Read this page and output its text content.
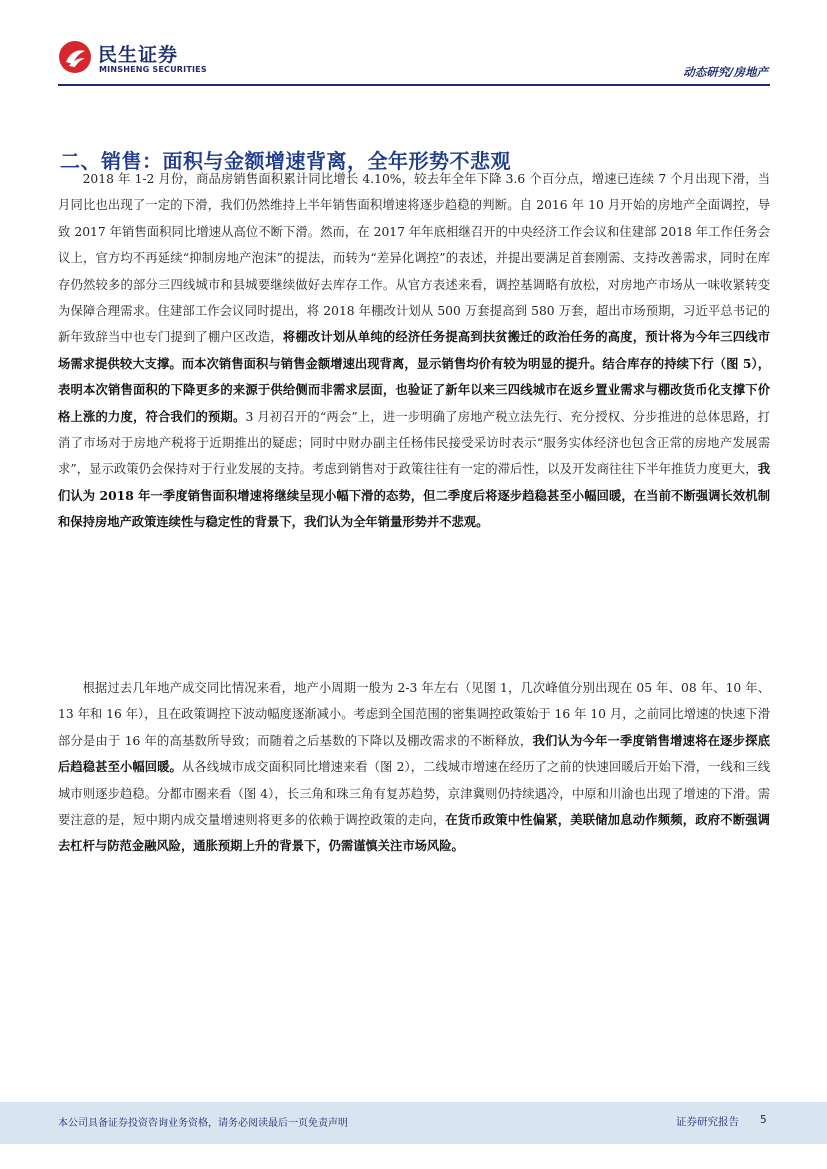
民生证券
MINSHENG SECURITIES	动态研究/房地产
二、销售：面积与金额增速背离，全年形势不悲观

2018 年 1-2 月份，商品房销售面积累计同比增长 4.10%，较去年全年下降 3.6 个百分点，增速已连续 7 个月出现下滑，当月同比也出现了一定的下滑，我们仍然维持上半年销售面积增速将逐步趋稳的判断。自 2016 年 10 月开始的房地产全面调控，导致 2017 年销售面积同比增速从高位不断下滑。然而，在 2017 年年底相继召开的中央经济工作会议和住建部 2018 年工作任务会议上，官方均不再延续“抑制房地产泡沫”的提法，而转为“差异化调控”的表述，并提出要满足首套刚需、支持改善需求，同时在库存仍然较多的部分三四线城市和县城要继续做好去库存工作。从官方表述来看，调控基调略有放松，对房地产市场从一味收紧转变为保障合理需求。住建部工作会议同时提出，将 2018 年棚改计划从 500 万套提高到 580 万套，超出市场预期，习近平总书记的新年致辞当中也专门提到了棚户区改造，将棚改计划从单纯的经济任务提高到扶贫搬迁的政治任务的高度，预计将为今年三四线市场需求提供较大支撑。而本次销售面积与销售金额增速出现背离，显示销售均价有较为明显的提升。结合库存的持续下行（图 5），表明本次销售面积的下降更多的来源于供给侧而非需求层面，也验证了新年以来三四线城市在返乡置业需求与棚改货币化支撑下价格上涨的力度，符合我们的预期。3 月初召开的“两会”上，进一步明确了房地产税立法先行、充分授权、分步推进的总体思路，打消了市场对于房地产税将于近期推出的疑虑；同时中财办副主任杨伟民接受采访时表示“服务实体经济也包含正常的房地产发展需求”，显示政策仍会保持对于行业发展的支持。考虑到销售对于政策往往有一定的滞后性，以及开发商往往下半年推货力度更大，我们认为 2018 年一季度销售面积增速将继续呈现小幅下滑的态势，但二季度后将逐步趋稳甚至小幅回暖，在当前不断强调长效机制和保持房地产政策连续性与稳定性的背景下，我们认为全年销量形势并不悲观。

根据过去几年地产成交同比情况来看，地产小周期一般为 2-3 年左右（见图 1，几次峰值分别出现在 05 年、08 年、10 年、13 年和 16 年），且在政策调控下波动幅度逐渐减小。考虑到全国范围的密集调控政策始于 16 年 10 月，之前同比增速的快速下滑部分是由于 16 年的高基数所导致；而随着之后基数的下降以及棚改需求的不断释放，我们认为今年一季度销售增速将在逐步探底后趋稳甚至小幅回暖。从各线城市成交面积同比增速来看（图 2），二线城市增速在经历了之前的快速回暖后开始下滑，一线和三线城市则逐步趋稳。分都市圈来看（图 4），长三角和珠三角有复苏趋势，京津冀则仍持续遇冷，中原和川渝也出现了增速的下滑。需要注意的是，短中期内成交量增速则将更多的依赖于调控政策的走向，在货币政策中性偏紧，美联储加息动作频频，政府不断强调去杠杆与防范金融风险，通胀预期上升的背景下，仍需谨慎关注市场风险。

本公司具备证券投资咨询业务资格，请务必阅读最后一页免责声明	证券研究报告 5
